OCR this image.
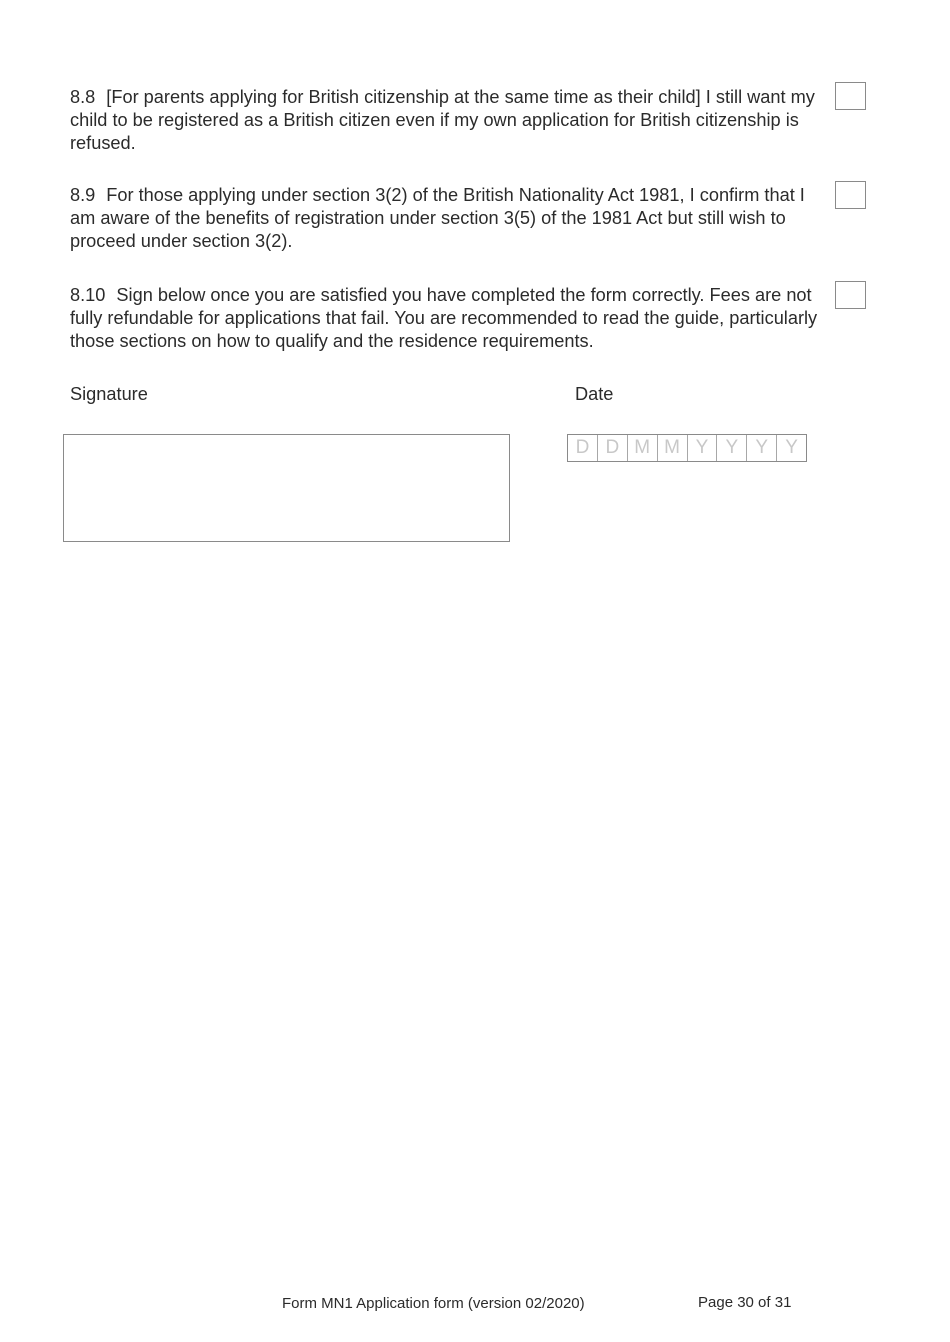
8.8 [For parents applying for British citizenship at the same time as their child] I still want my child to be registered as a British citizen even if my own application for British citizenship is refused.
8.9 For those applying under section 3(2) of the British Nationality Act 1981, I confirm that I am aware of the benefits of registration under section 3(5) of the 1981 Act but still wish to proceed under section 3(2).
8.10 Sign below once you are satisfied you have completed the form correctly. Fees are not fully refundable for applications that fail. You are recommended to read the guide, particularly those sections on how to qualify and the residence requirements.
Signature	Date
D D M M Y Y Y Y
Form MN1 Application form (version 02/2020)	Page 30 of 31
